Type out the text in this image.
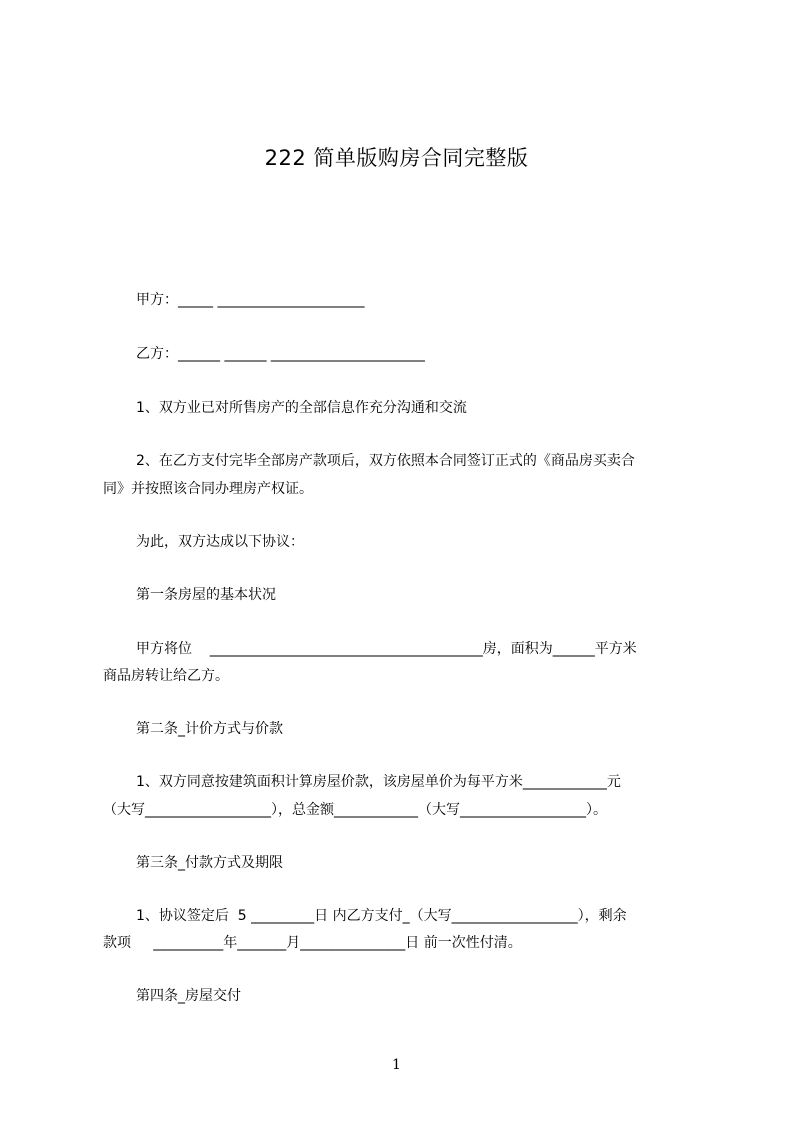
222 简单版购房合同完整版
甲方：_____ _____________________
乙方：______ ______ ______________________
1、双方业已对所售房产的全部信息作充分沟通和交流
2、在乙方支付完毕全部房产款项后，双方依照本合同签订正式的《商品房买卖合
同》并按照该合同办理房产权证。
为此，双方达成以下协议：
第一条房屋的基本状况
甲方将位    _______________________________________房，面积为______平方米
商品房转让给乙方。
第二条_计价方式与价款
1、双方同意按建筑面积计算房屋价款，该房屋单价为每平方米____________元
（大写__________________），总金额____________（大写__________________）。
第三条_付款方式及期限
1、协议签定后  5 _________日 内乙方支付_（大写__________________），剩余
款项     __________年_______月_______________日 前一次性付清。
第四条_房屋交付
1
